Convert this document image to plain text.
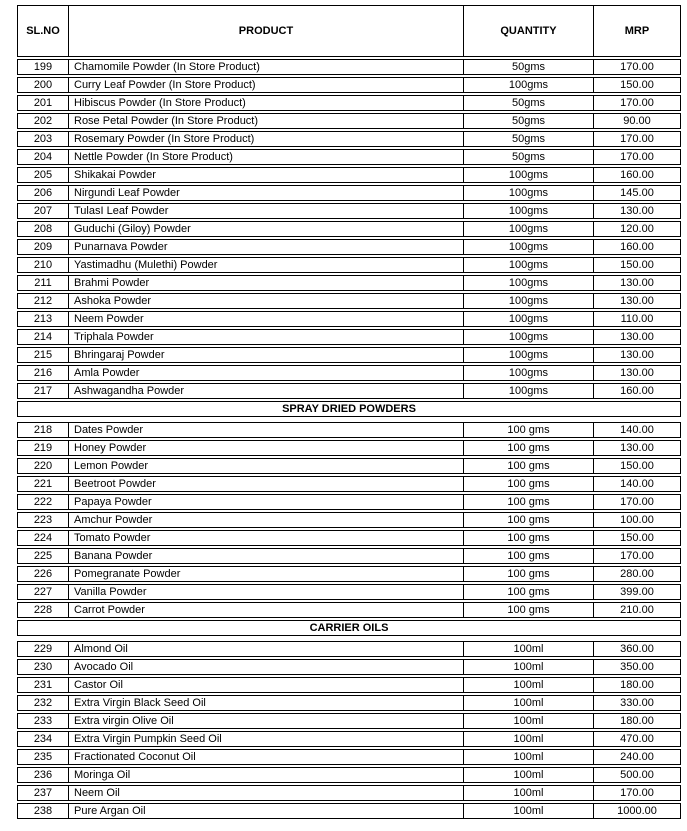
SL.NO	PRODUCT	QUANTITY	MRP
199	Chamomile Powder (In Store Product)	50gms	170.00
200	Curry Leaf Powder (In Store Product)	100gms	150.00
201	Hibiscus Powder (In Store Product)	50gms	170.00
202	Rose Petal Powder (In Store Product)	50gms	90.00
203	Rosemary Powder (In Store Product)	50gms	170.00
204	Nettle Powder (In Store Product)	50gms	170.00
205	Shikakai Powder	100gms	160.00
206	Nirgundi Leaf Powder	100gms	145.00
207	TulasI Leaf Powder	100gms	130.00
208	Guduchi (Giloy) Powder	100gms	120.00
209	Punarnava Powder	100gms	160.00
210	Yastimadhu (Mulethi) Powder	100gms	150.00
211	Brahmi Powder	100gms	130.00
212	Ashoka Powder	100gms	130.00
213	Neem Powder	100gms	110.00
214	Triphala Powder	100gms	130.00
215	Bhringaraj Powder	100gms	130.00
216	Amla Powder	100gms	130.00
217	Ashwagandha Powder	100gms	160.00
SPRAY DRIED POWDERS			

218	Dates Powder	100 gms	140.00
219	Honey Powder	100 gms	130.00
220	Lemon Powder	100 gms	150.00
221	Beetroot Powder	100 gms	140.00
222	Papaya Powder	100 gms	170.00
223	Amchur Powder	100 gms	100.00
224	Tomato Powder	100 gms	150.00
225	Banana Powder	100 gms	170.00
226	Pomegranate Powder	100 gms	280.00
227	Vanilla Powder	100 gms	399.00
228	Carrot Powder	100 gms	210.00
CARRIER OILS			

229	Almond Oil	100ml	360.00
230	Avocado Oil	100ml	350.00
231	Castor Oil	100ml	180.00
232	Extra Virgin Black Seed Oil	100ml	330.00
233	Extra virgin Olive Oil	100ml	180.00
234	Extra Virgin Pumpkin Seed Oil	100ml	470.00
235	Fractionated Coconut Oil	100ml	240.00
236	Moringa Oil	100ml	500.00
237	Neem Oil	100ml	170.00
238	Pure Argan Oil	100ml	1000.00
